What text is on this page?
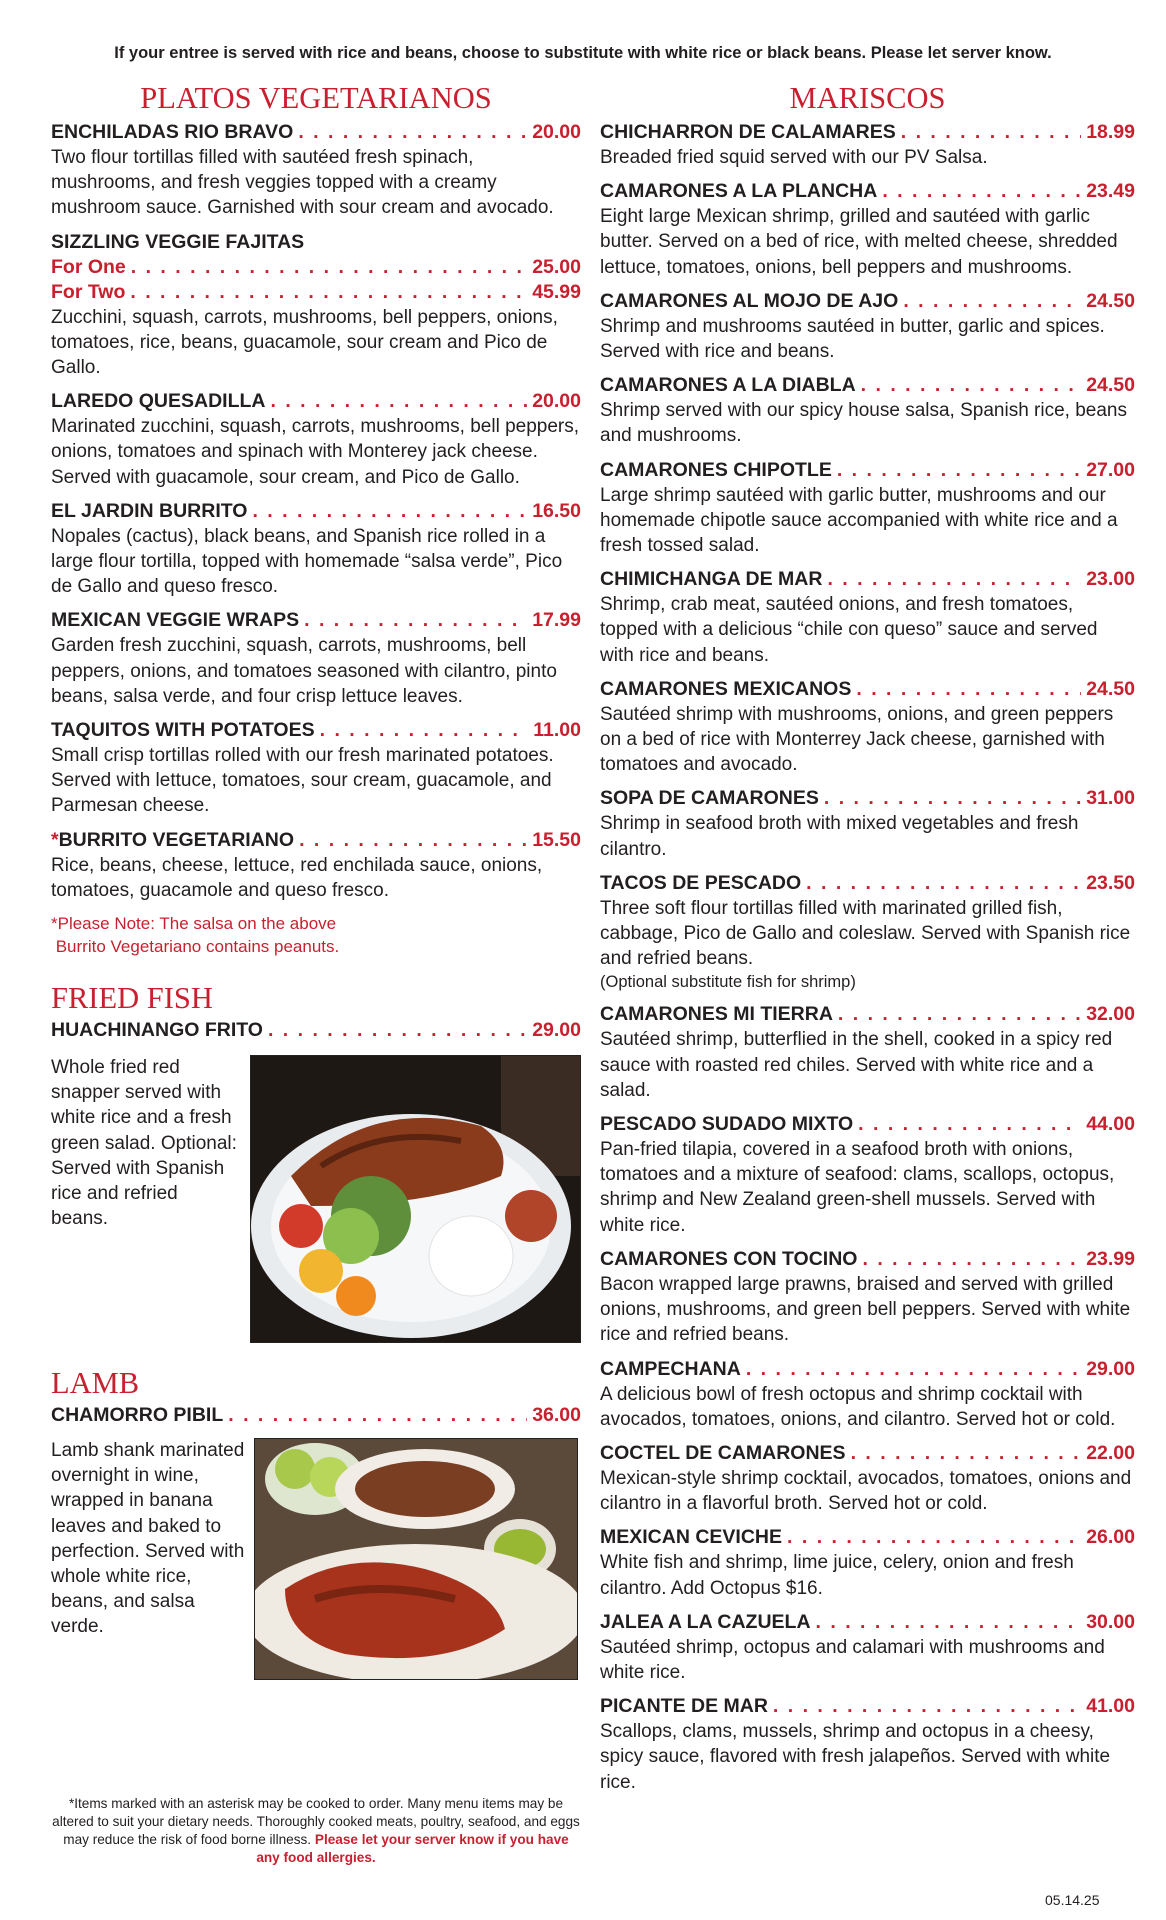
If your entree is served with rice and beans, choose to substitute with white rice or black beans. Please let server know.
PLATOS VEGETARIANOS
ENCHILADAS RIO BRAVO . . .	20.00
Two flour tortillas filled with sautéed fresh spinach, mushrooms, and fresh veggies topped with a creamy mushroom sauce. Garnished with sour cream and avocado.
SIZZLING VEGGIE FAJITAS
For One . . .	25.00
For Two . . .	45.99
Zucchini, squash, carrots, mushrooms, bell peppers, onions, tomatoes, rice, beans, guacamole, sour cream and Pico de Gallo.
LAREDO QUESADILLA . . .	20.00
Marinated zucchini, squash, carrots, mushrooms, bell peppers, onions, tomatoes and spinach with Monterey jack cheese. Served with guacamole, sour cream, and Pico de Gallo.
EL JARDIN BURRITO . . .	16.50
Nopales (cactus), black beans, and Spanish rice rolled in a large flour tortilla, topped with homemade “salsa verde”, Pico de Gallo and queso fresco.
MEXICAN VEGGIE WRAPS . . .	17.99
Garden fresh zucchini, squash, carrots, mushrooms, bell peppers, onions, and tomatoes seasoned with cilantro, pinto beans, salsa verde, and four crisp lettuce leaves.
TAQUITOS WITH POTATOES . . .	11.00
Small crisp tortillas rolled with our fresh marinated potatoes. Served with lettuce, tomatoes, sour cream, guacamole, and Parmesan cheese.
* BURRITO VEGETARIANO . . .	15.50
Rice, beans, cheese, lettuce, red enchilada sauce, onions, tomatoes, guacamole and queso fresco.
*Please Note: The salsa on the above
Burrito Vegetariano contains peanuts.
FRIED FISH
HUACHINANGO FRITO . . .	29.00
Whole fried red snapper served with white rice and a fresh green salad. Optional: Served with Spanish rice and refried beans.
LAMB
CHAMORRO PIBIL . . .	36.00
Lamb shank marinated overnight in wine, wrapped in banana leaves and baked to perfection. Served with whole white rice, beans, and salsa verde.
*Items marked with an asterisk may be cooked to order. Many menu items may be altered to suit your dietary needs. Thoroughly cooked meats, poultry, seafood, and eggs may reduce the risk of food borne illness. Please let your server know if you have any food allergies.
MARISCOS
CHICHARRON DE CALAMARES . . .	18.99
Breaded fried squid served with our PV Salsa.
CAMARONES A LA PLANCHA . . .	23.49
Eight large Mexican shrimp, grilled and sautéed with garlic butter. Served on a bed of rice, with melted cheese, shredded lettuce, tomatoes, onions, bell peppers and mushrooms.
CAMARONES AL MOJO DE AJO . . .	24.50
Shrimp and mushrooms sautéed in butter, garlic and spices. Served with rice and beans.
CAMARONES A LA DIABLA . . .	24.50
Shrimp served with our spicy house salsa, Spanish rice, beans and mushrooms.
CAMARONES CHIPOTLE . . .	27.00
Large shrimp sautéed with garlic butter, mushrooms and our homemade chipotle sauce accompanied with white rice and a fresh tossed salad.
CHIMICHANGA DE MAR . . .	23.00
Shrimp, crab meat, sautéed onions, and fresh tomatoes, topped with a delicious “chile con queso” sauce and served with rice and beans.
CAMARONES MEXICANOS . . .	24.50
Sautéed shrimp with mushrooms, onions, and green peppers on a bed of rice with Monterrey Jack cheese, garnished with tomatoes and avocado.
SOPA DE CAMARONES . . .	31.00
Shrimp in seafood broth with mixed vegetables and fresh cilantro.
TACOS DE PESCADO . . .	23.50
Three soft flour tortillas filled with marinated grilled fish, cabbage, Pico de Gallo and coleslaw. Served with Spanish rice and refried beans.
(Optional substitute fish for shrimp)
CAMARONES MI TIERRA . . .	32.00
Sautéed shrimp, butterflied in the shell, cooked in a spicy red sauce with roasted red chiles. Served with white rice and a salad.
PESCADO SUDADO MIXTO . . .	44.00
Pan-fried tilapia, covered in a seafood broth with onions, tomatoes and a mixture of seafood: clams, scallops, octopus, shrimp and New Zealand green-shell mussels. Served with white rice.
CAMARONES CON TOCINO . . .	23.99
Bacon wrapped large prawns, braised and served with grilled onions, mushrooms, and green bell peppers. Served with white rice and refried beans.
CAMPECHANA . . .	29.00
A delicious bowl of fresh octopus and shrimp cocktail with avocados, tomatoes, onions, and cilantro. Served hot or cold.
COCTEL DE CAMARONES . . .	22.00
Mexican-style shrimp cocktail, avocados, tomatoes, onions and cilantro in a flavorful broth. Served hot or cold.
MEXICAN CEVICHE . . .	26.00
White fish and shrimp, lime juice, celery, onion and fresh cilantro. Add Octopus $16.
JALEA A LA CAZUELA . . .	30.00
Sautéed shrimp, octopus and calamari with mushrooms and white rice.
PICANTE DE MAR . . .	41.00
Scallops, clams, mussels, shrimp and octopus in a cheesy, spicy sauce, flavored with fresh jalapeños. Served with white rice.
05.14.25
